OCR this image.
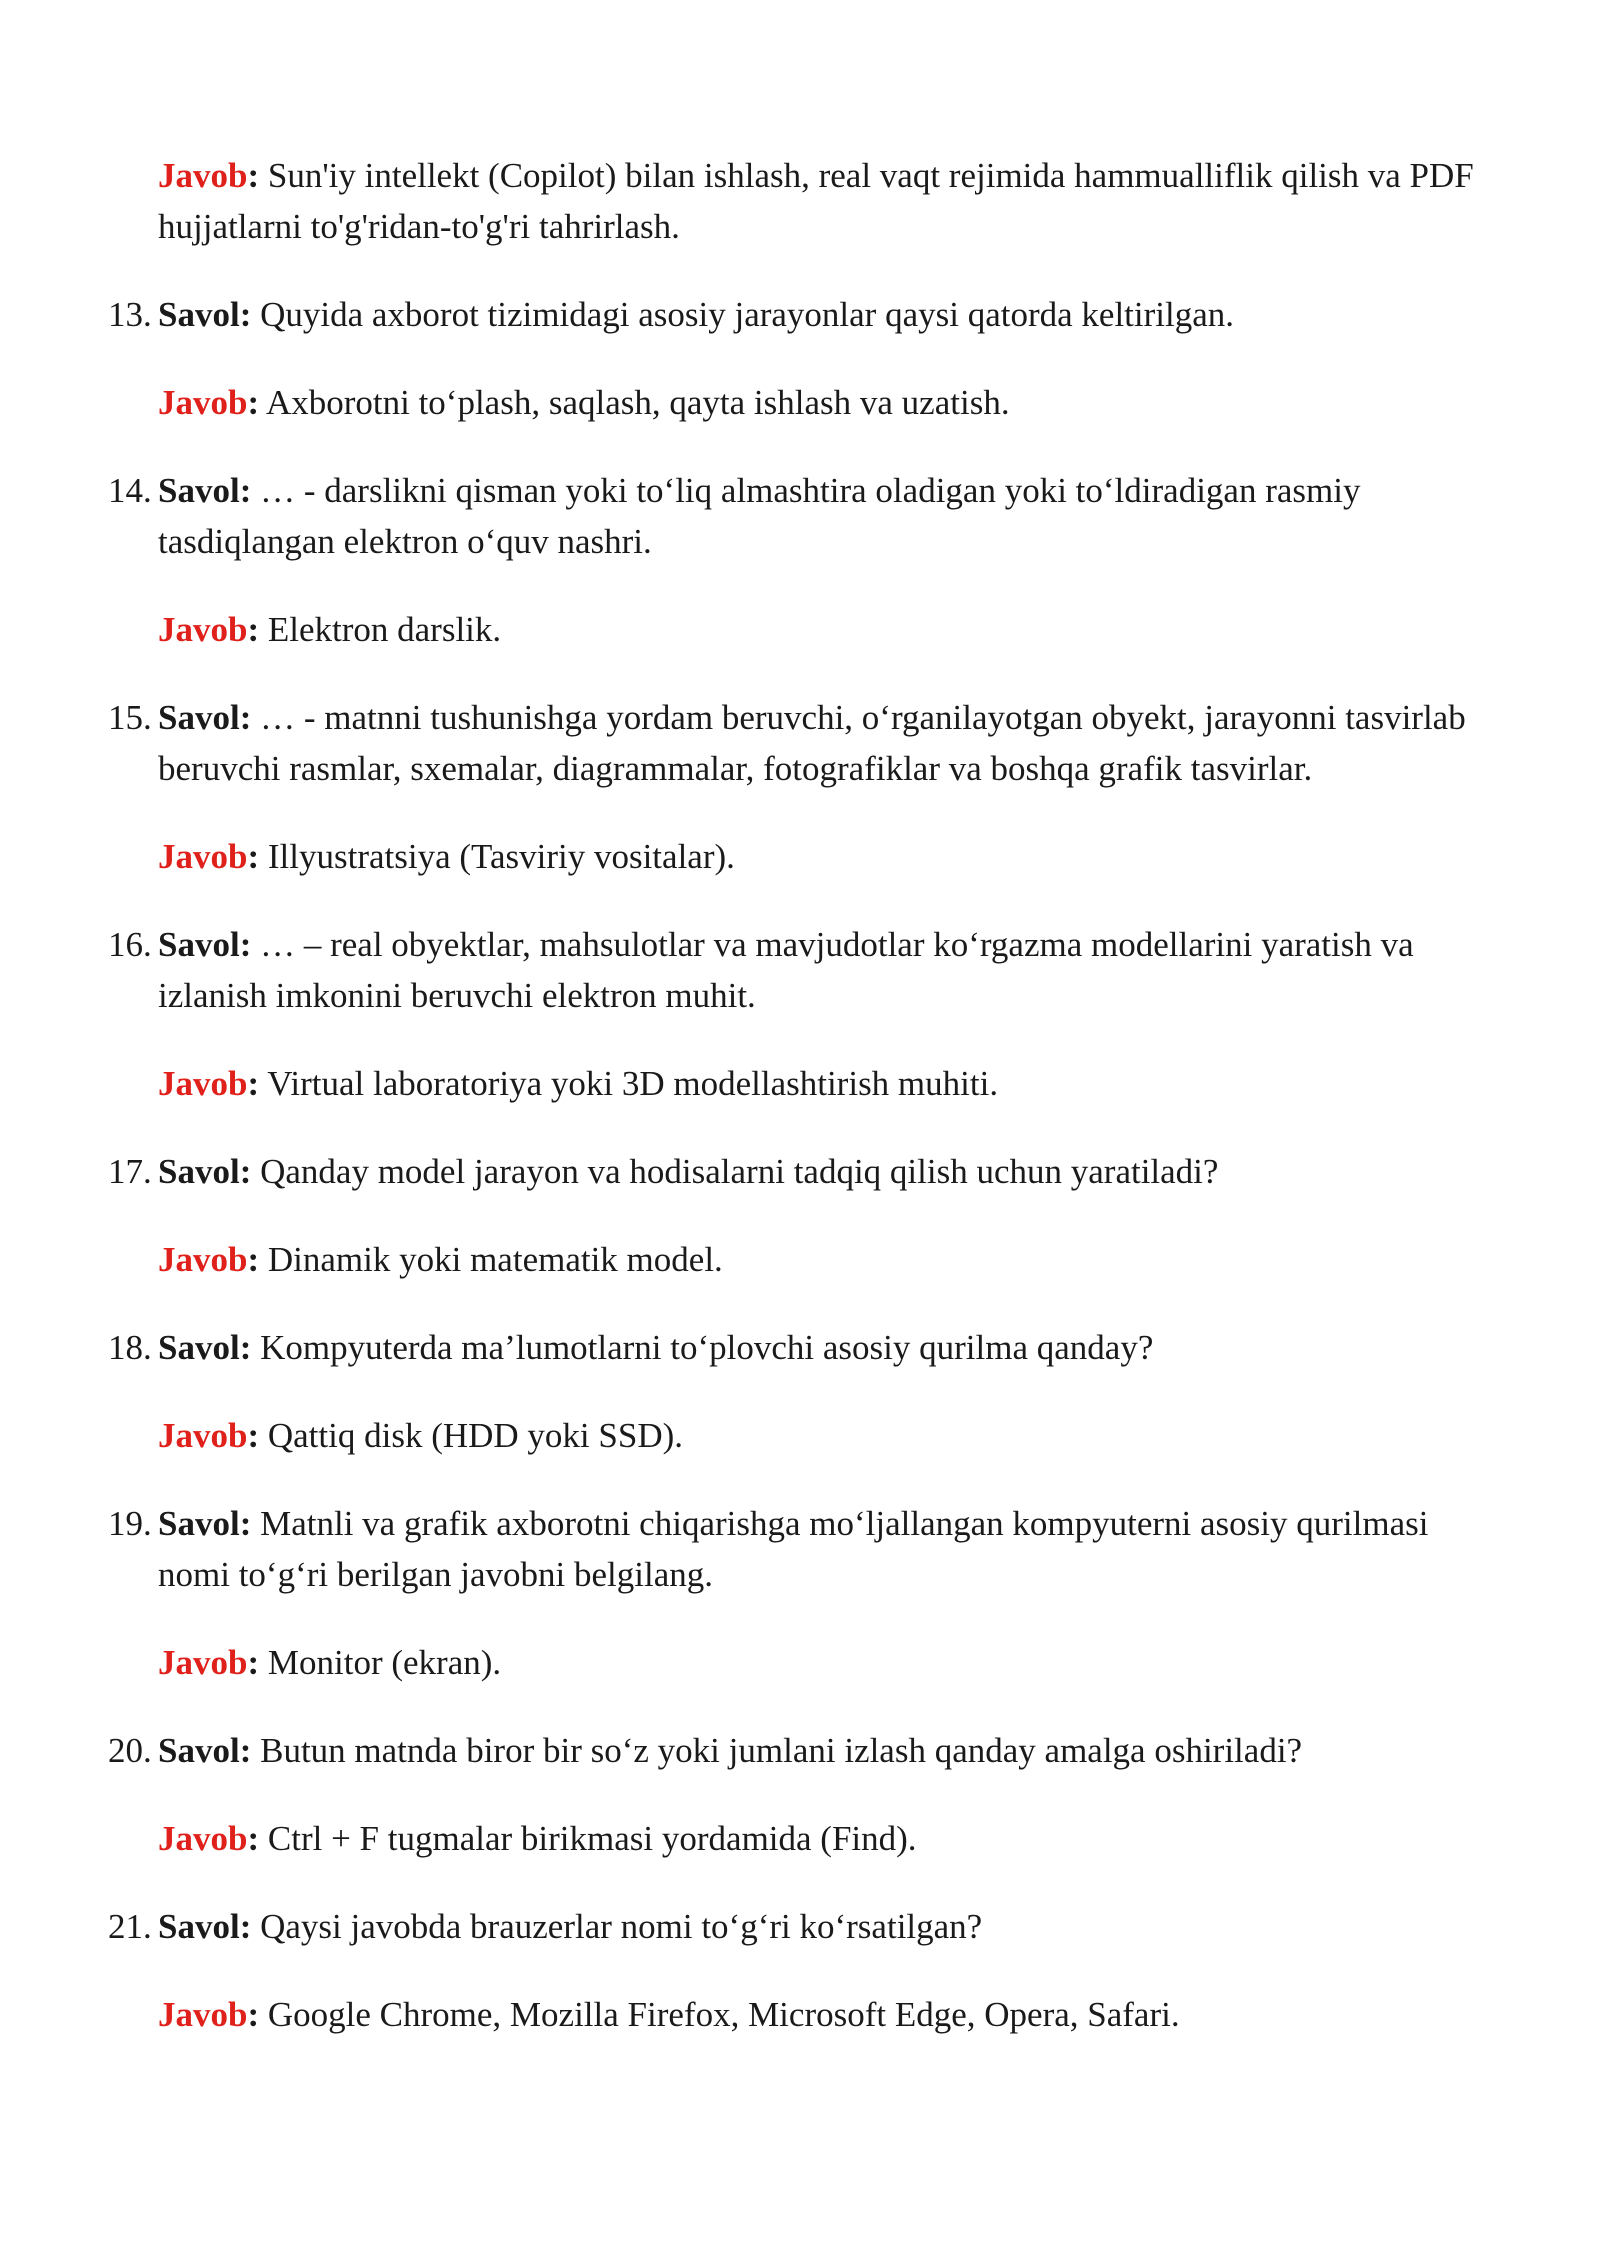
Javob: Sun'iy intellekt (Copilot) bilan ishlash, real vaqt rejimida hammualliflik qilish va PDF hujjatlarni to'g'ridan-to'g'ri tahrirlash.
13. Savol: Quyida axborot tizimidagi asosiy jarayonlar qaysi qatorda keltirilgan.
Javob: Axborotni to‘plash, saqlash, qayta ishlash va uzatish.
14. Savol: … - darslikni qisman yoki to‘liq almashtira oladigan yoki to‘ldiradigan rasmiy tasdiqlangan elektron o‘quv nashri.
Javob: Elektron darslik.
15. Savol: … - matnni tushunishga yordam beruvchi, o‘rganilayotgan obyekt, jarayonni tasvirlab beruvchi rasmlar, sxemalar, diagrammalar, fotografiklar va boshqa grafik tasvirlar.
Javob: Illyustratsiya (Tasviriy vositalar).
16. Savol: … – real obyektlar, mahsulotlar va mavjudotlar ko‘rgazma modellarini yaratish va izlanish imkonini beruvchi elektron muhit.
Javob: Virtual laboratoriya yoki 3D modellashtirish muhiti.
17. Savol: Qanday model jarayon va hodisalarni tadqiq qilish uchun yaratiladi?
Javob: Dinamik yoki matematik model.
18. Savol: Kompyuterda ma’lumotlarni to‘plovchi asosiy qurilma qanday?
Javob: Qattiq disk (HDD yoki SSD).
19. Savol: Matnli va grafik axborotni chiqarishga mo‘ljallangan kompyuterni asosiy qurilmasi nomi to‘g‘ri berilgan javobni belgilang.
Javob: Monitor (ekran).
20. Savol: Butun matnda biror bir so‘z yoki jumlani izlash qanday amalga oshiriladi?
Javob: Ctrl + F tugmalar birikmasi yordamida (Find).
21. Savol: Qaysi javobda brauzerlar nomi to‘g‘ri ko‘rsatilgan?
Javob: Google Chrome, Mozilla Firefox, Microsoft Edge, Opera, Safari.
